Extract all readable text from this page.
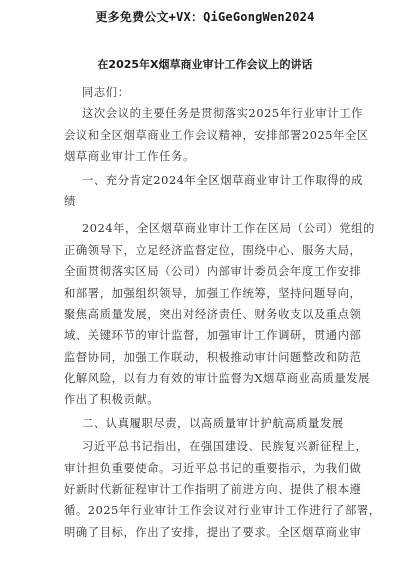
更多免费公文+VX：QiGeGongWen2024
在2025年X烟草商业审计工作会议上的讲话
同志们：
这次会议的主要任务是贯彻落实2025年行业审计工作
会议和全区烟草商业工作会议精神，安排部署2025年全区
烟草商业审计工作任务。
一、充分肯定2024年全区烟草商业审计工作取得的成
绩
2024年，全区烟草商业审计工作在区局（公司）党组的
正确领导下，立足经济监督定位，围绕中心、服务大局，
全面贯彻落实区局（公司）内部审计委员会年度工作安排
和部署，加强组织领导，加强工作统筹，坚持问题导向，
聚焦高质量发展，突出对经济责任、财务收支以及重点领
域、关键环节的审计监督，加强审计工作调研，贯通内部
监督协同，加强工作联动，积极推动审计问题整改和防范
化解风险，以有力有效的审计监督为X烟草商业高质量发展
作出了积极贡献。
二、认真履职尽责，以高质量审计护航高质量发展
习近平总书记指出，在强国建设、民族复兴新征程上，
审计担负重要使命。习近平总书记的重要指示，为我们做
好新时代新征程审计工作指明了前进方向、提供了根本遵
循。2025年行业审计工作会议对行业审计工作进行了部署，
明确了目标，作出了安排，提出了要求。全区烟草商业审
